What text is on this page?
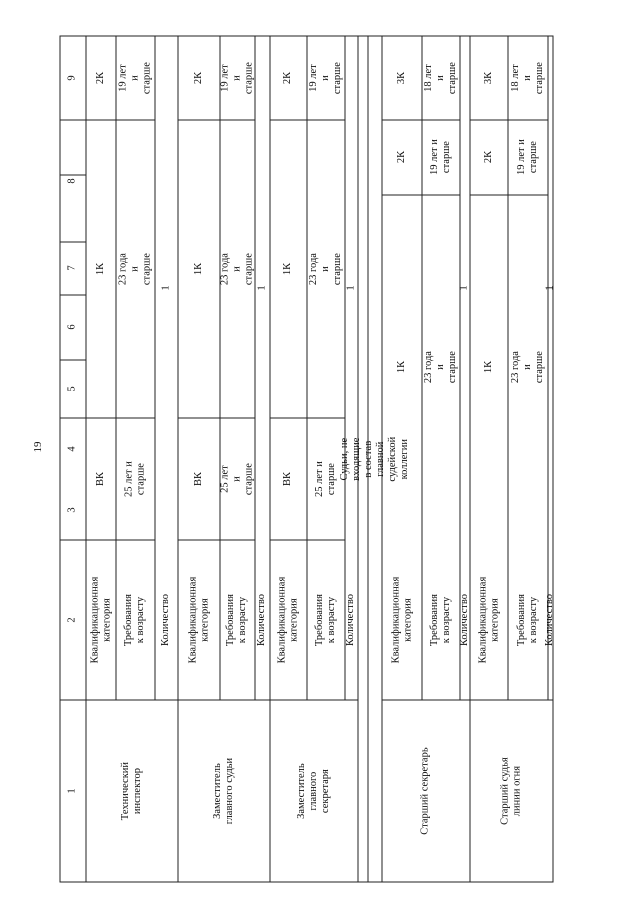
19
1
2
3
4
5
6
7
8
9
Технический инспектор
Квалификационная
категория Требования к возрасту Количество
ВК 25 лет и старше
1К 23 года и старше
2К
19 лет
и старше
1
Заместитель главного судьи
Квалификационная
категория Требования к возрасту Количество
ВК 25 лет и старше
1К 23 года и старше
2К
19 лет
и старше
1
Заместитель главного
секретаря
Квалификационная
категория Требования к возрасту Количество
ВК 25 лет и старше
1К 23 года и старше
2К
19 лет
и старше
1
Судьи, не входящие в состав главной судейской коллегии
Старший секретарь
Квалификационная
категория Требования к возрасту Количество
1К 23 года и старше
2К 19 лет и старше
3К
18 лет
и старше
1
Старший судья линии огня
Квалификационная
категория Требования к возрасту Количество
1К 23 года и старше
2К 19 лет и старше
3К
18 лет
и старше
1
